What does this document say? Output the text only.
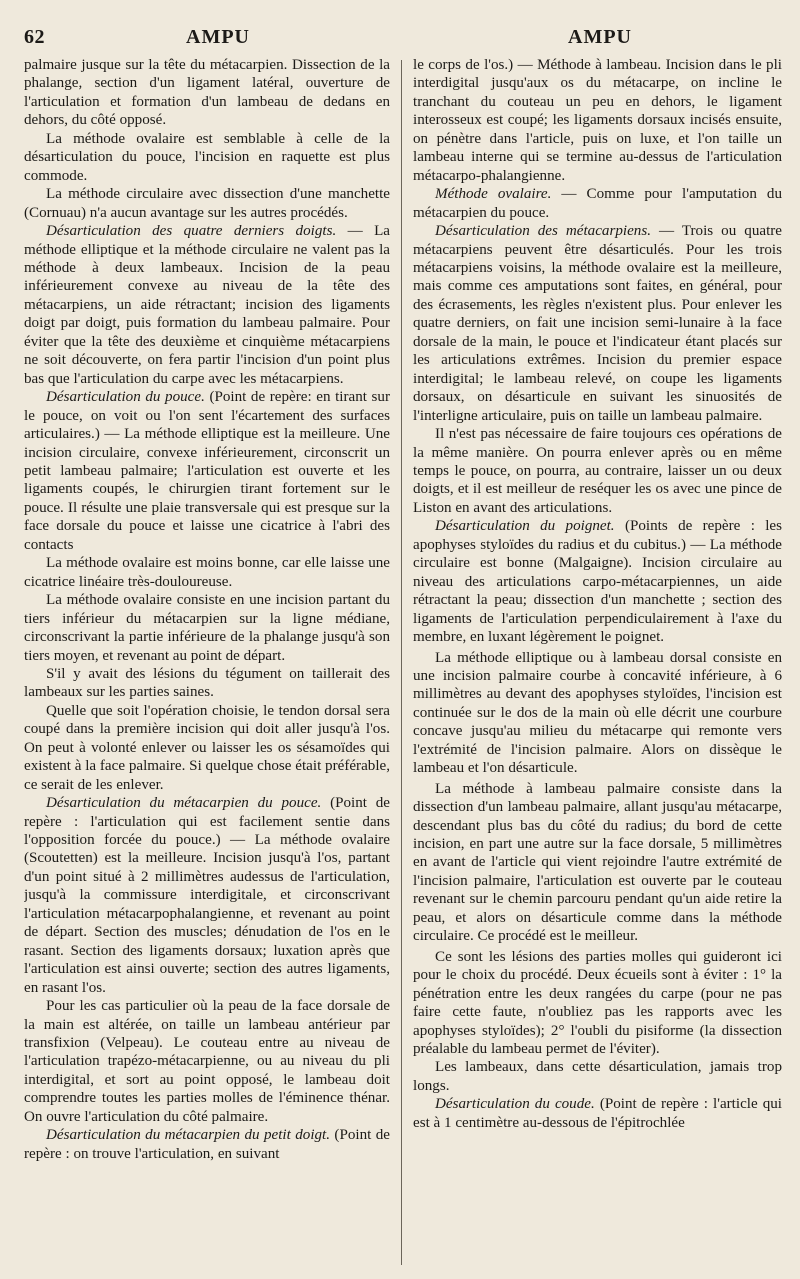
62	AMPU	AMPU

palmaire jusque sur la tête du métacarpien. Dissection de la phalange, section d'un ligament latéral, ouverture de l'articulation et formation d'un lambeau de dedans en dehors, du côté opposé.

La méthode ovalaire est semblable à celle de la désarticulation du pouce, l'incision en raquette est plus commode.

La méthode circulaire avec dissection d'une manchette (Cornuau) n'a aucun avantage sur les autres procédés.

Désarticulation des quatre derniers doigts. — La méthode elliptique et la méthode circulaire ne valent pas la méthode à deux lambeaux. Incision de la peau inférieurement convexe au niveau de la tête des métacarpiens, un aide rétractant; incision des ligaments doigt par doigt, puis formation du lambeau palmaire. Pour éviter que la tête des deuxième et cinquième métacarpiens ne soit découverte, on fera partir l'incision d'un point plus bas que l'articulation du carpe avec les métacarpiens.

Désarticulation du pouce. (Point de repère: en tirant sur le pouce, on voit ou l'on sent l'écartement des surfaces articulaires.) — La méthode elliptique est la meilleure. Une incision circulaire, convexe inférieurement, circonscrit un petit lambeau palmaire; l'articulation est ouverte et les ligaments coupés, le chirurgien tirant fortement sur le pouce. Il résulte une plaie transversale qui est presque sur la face dorsale du pouce et laisse une cicatrice à l'abri des contacts

La méthode ovalaire est moins bonne, car elle laisse une cicatrice linéaire très-douloureuse.

La méthode ovalaire consiste en une incision partant du tiers inférieur du métacarpien sur la ligne médiane, circonscrivant la partie inférieure de la phalange jusqu'à son tiers moyen, et revenant au point de départ.

S'il y avait des lésions du tégument on taillerait des lambeaux sur les parties saines.

Quelle que soit l'opération choisie, le tendon dorsal sera coupé dans la première incision qui doit aller jusqu'à l'os. On peut à volonté enlever ou laisser les os sésamoïdes qui existent à la face palmaire. Si quelque chose était préférable, ce serait de les enlever.

Désarticulation du métacarpien du pouce. (Point de repère : l'articulation qui est facilement sentie dans l'opposition forcée du pouce.) — La méthode ovalaire (Scoutetten) est la meilleure. Incision jusqu'à l'os, partant d'un point situé à 2 millimètres audessus de l'articulation, jusqu'à la commissure interdigitale, et circonscrivant l'articulation métacarpophalangienne, et revenant au point de départ. Section des muscles; dénudation de l'os en le rasant. Section des ligaments dorsaux; luxation après que l'articulation est ainsi ouverte; section des autres ligaments, en rasant l'os.

Pour les cas particulier où la peau de la face dorsale de la main est altérée, on taille un lambeau antérieur par transfixion (Velpeau). Le couteau entre au niveau de l'articulation trapézo-métacarpienne, ou au niveau du pli interdigital, et sort au point opposé, le lambeau doit comprendre toutes les parties molles de l'éminence thénar. On ouvre l'articulation du côté palmaire.

Désarticulation du métacarpien du petit doigt. (Point de repère : on trouve l'articulation, en suivant

le corps de l'os.) — Méthode à lambeau. Incision dans le pli interdigital jusqu'aux os du métacarpe, on incline le tranchant du couteau un peu en dehors, le ligament interosseux est coupé; les ligaments dorsaux incisés ensuite, on pénètre dans l'article, puis on luxe, et l'on taille un lambeau interne qui se termine au-dessus de l'articulation métacarpo-phalangienne.

Méthode ovalaire. — Comme pour l'amputation du métacarpien du pouce.

Désarticulation des métacarpiens. — Trois ou quatre métacarpiens peuvent être désarticulés. Pour les trois métacarpiens voisins, la méthode ovalaire est la meilleure, mais comme ces amputations sont faites, en général, pour des écrasements, les règles n'existent plus. Pour enlever les quatre derniers, on fait une incision semi-lunaire à la face dorsale de la main, le pouce et l'indicateur étant placés sur les articulations extrêmes. Incision du premier espace interdigital; le lambeau relevé, on coupe les ligaments dorsaux, on désarticule en suivant les sinuosités de l'interligne articulaire, puis on taille un lambeau palmaire.

Il n'est pas nécessaire de faire toujours ces opérations de la même manière. On pourra enlever après ou en même temps le pouce, on pourra, au contraire, laisser un ou deux doigts, et il est meilleur de reséquer les os avec une pince de Liston en avant des articulations.

Désarticulation du poignet. (Points de repère : les apophyses styloïdes du radius et du cubitus.) — La méthode circulaire est bonne (Malgaigne). Incision circulaire au niveau des articulations carpo-métacarpiennes, un aide rétractant la peau; dissection d'un manchette ; section des ligaments de l'articulation perpendiculairement à l'axe du membre, en luxant légèrement le poignet.

La méthode elliptique ou à lambeau dorsal consiste en une incision palmaire courbe à concavité inférieure, à 6 millimètres au devant des apophyses styloïdes, l'incision est continuée sur le dos de la main où elle décrit une courbure concave jusqu'au milieu du métacarpe qui remonte vers l'extrémité de l'incision palmaire. Alors on dissèque le lambeau et l'on désarticule.

La méthode à lambeau palmaire consiste dans la dissection d'un lambeau palmaire, allant jusqu'au métacarpe, descendant plus bas du côté du radius; du bord de cette incision, en part une autre sur la face dorsale, 5 millimètres en avant de l'article qui vient rejoindre l'autre extrémité de l'incision palmaire, l'articulation est ouverte par le couteau revenant sur le chemin parcouru pendant qu'un aide retire la peau, et alors on désarticule comme dans la méthode circulaire. Ce procédé est le meilleur.

Ce sont les lésions des parties molles qui guideront ici pour le choix du procédé. Deux écueils sont à éviter : 1° la pénétration entre les deux rangées du carpe (pour ne pas faire cette faute, n'oubliez pas les rapports avec les apophyses styloïdes); 2° l'oubli du pisiforme (la dissection préalable du lambeau permet de l'éviter).

Les lambeaux, dans cette désarticulation, jamais trop longs.

Désarticulation du coude. (Point de repère : l'article qui est à 1 centimètre au-dessous de l'épitrochlée
